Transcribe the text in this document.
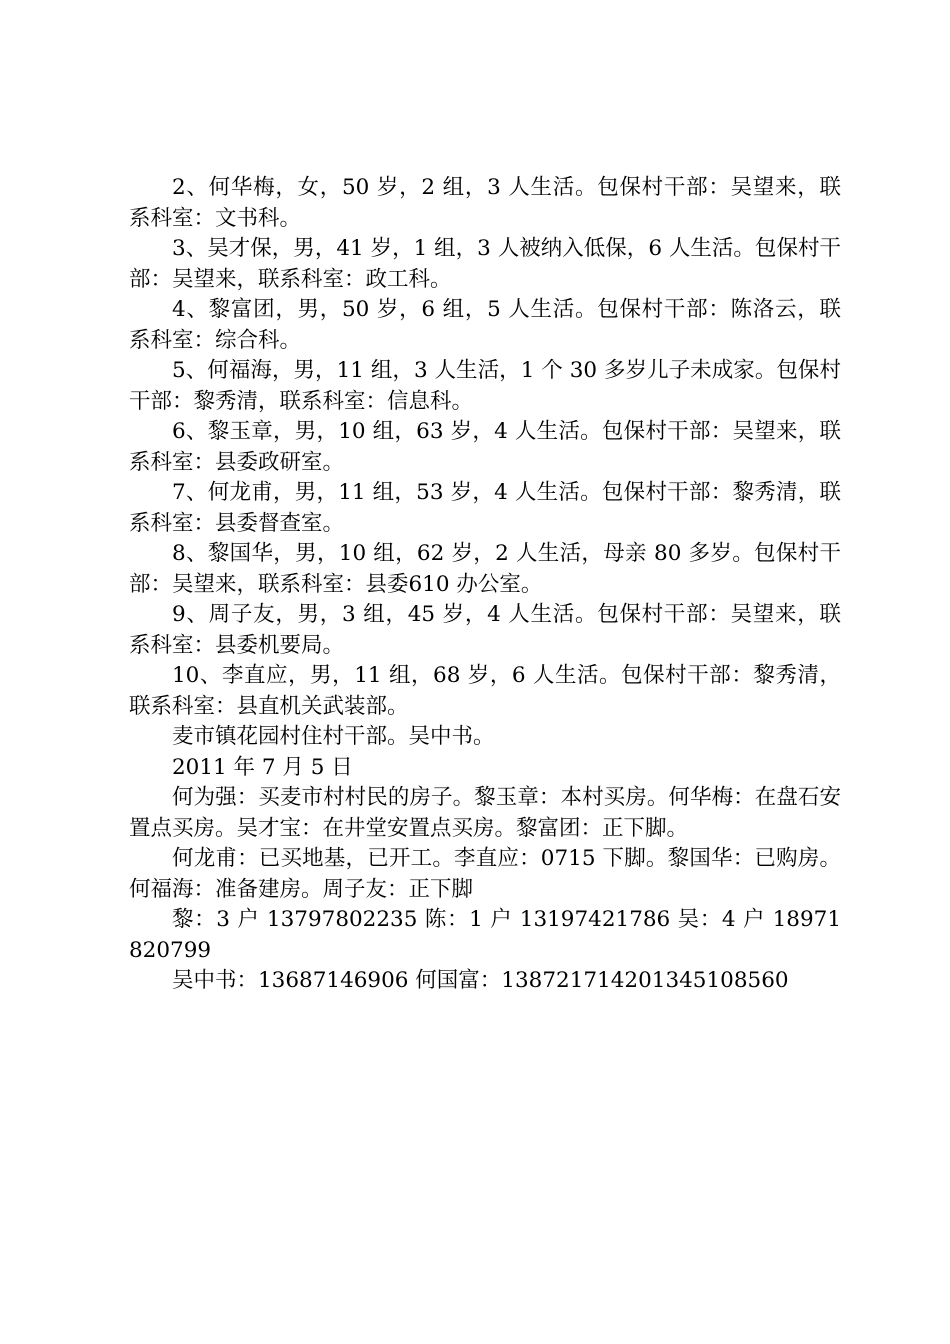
2、何华梅，女，50 岁，2 组，3 人生活。包保村干部：吴望来，联系科室：文书科。

3、吴才保，男，41 岁，1 组，3 人被纳入低保，6 人生活。包保村干部：吴望来，联系科室：政工科。

4、黎富团，男，50 岁，6 组，5 人生活。包保村干部：陈洛云，联系科室：综合科。

5、何福海，男，11 组，3 人生活，1 个 30 多岁儿子未成家。包保村干部：黎秀清，联系科室：信息科。

6、黎玉章，男，10 组，63 岁，4 人生活。包保村干部：吴望来，联系科室：县委政研室。

7、何龙甫，男，11 组，53 岁，4 人生活。包保村干部：黎秀清，联系科室：县委督查室。

8、黎国华，男，10 组，62 岁，2 人生活，母亲 80 多岁。包保村干部：吴望来，联系科室：县委610 办公室。

9、周子友，男，3 组，45 岁，4 人生活。包保村干部：吴望来，联系科室：县委机要局。

10、李直应，男，11 组，68 岁，6 人生活。包保村干部：黎秀清，联系科室：县直机关武装部。

麦市镇花园村住村干部。吴中书。

2011 年 7 月 5 日

何为强：买麦市村村民的房子。黎玉章：本村买房。何华梅：在盘石安置点买房。吴才宝：在井堂安置点买房。黎富团：正下脚。

何龙甫：已买地基，已开工。李直应：0715 下脚。黎国华：已购房。何福海：准备建房。周子友：正下脚

黎：3 户 13797802235 陈：1 户 13197421786 吴：4 户 18971820799

吴中书：13687146906 何国富：138721714201345108560
